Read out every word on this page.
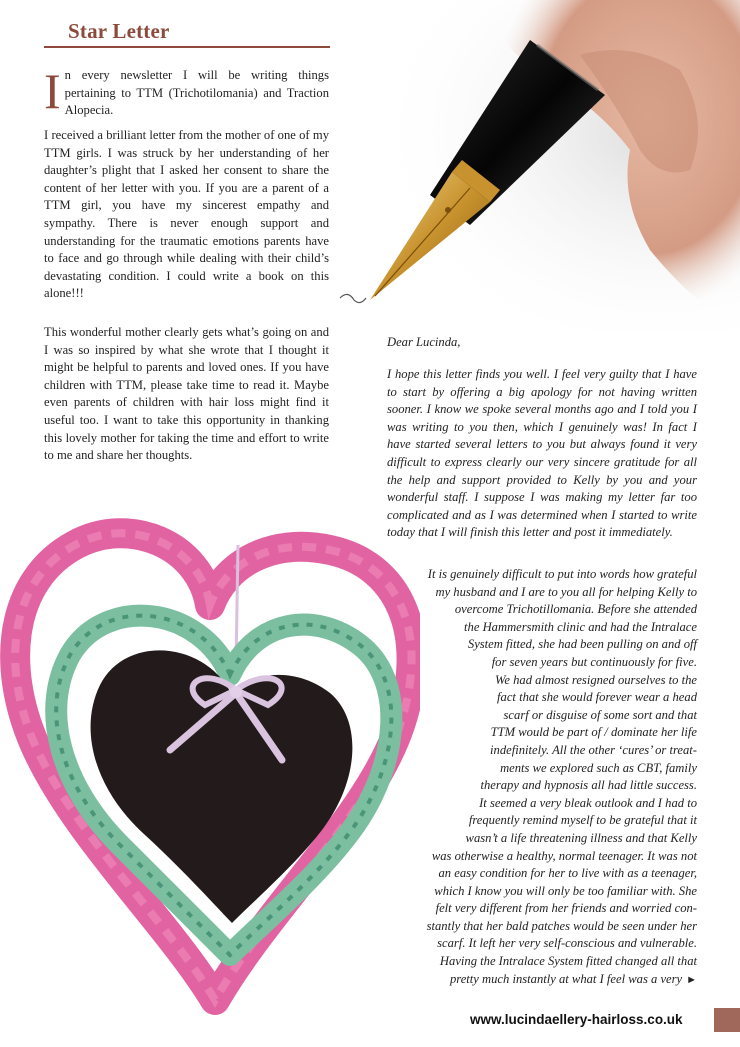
Star Letter
In every newsletter I will be writing things pertaining to TTM (Trichotilomania) and Traction Alopecia.
I received a brilliant letter from the mother of one of my TTM girls. I was struck by her understanding of her daughter’s plight that I asked her consent to share the content of her letter with you. If you are a parent of a TTM girl, you have my sincerest empathy and sympathy. There is never enough support and understanding for the traumatic emotions parents have to face and go through while dealing with their child’s devastating condition. I could write a book on this alone!!!
This wonderful mother clearly gets what’s going on and I was so inspired by what she wrote that I thought it might be helpful to parents and loved ones. If you have children with TTM, please take time to read it. Maybe even parents of children with hair loss might find it useful too. I want to take this opportunity in thanking this lovely mother for taking the time and effort to write to me and share her thoughts.
Dear Lucinda,
I hope this letter finds you well. I feel very guilty that I have to start by offering a big apology for not having written sooner. I know we spoke several months ago and I told you I was writing to you then, which I genuinely was! In fact I have started several letters to you but always found it very difficult to express clearly our very sincere gratitude for all the help and support provided to Kelly by you and your wonderful staff. I suppose I was making my letter far too complicated and as I was determined when I started to write today that I will finish this letter and post it immediately.
It is genuinely difficult to put into words how grateful
my husband and I are to you all for helping Kelly to
overcome Trichotillomania. Before she attended
the Hammersmith clinic and had the Intralace
System fitted, she had been pulling on and off
for seven years but continuously for five.
We had almost resigned ourselves to the
fact that she would forever wear a head
scarf or disguise of some sort and that
TTM would be part of / dominate her life
indefinitely. All the other ‘cures’ or treat-
ments we explored such as CBT, family
therapy and hypnosis all had little success.
It seemed a very bleak outlook and I had to
frequently remind myself to be grateful that it
wasn’t a life threatening illness and that Kelly
was otherwise a healthy, normal teenager. It was not
an easy condition for her to live with as a teenager,
which I know you will only be too familiar with. She
felt very different from her friends and worried con-
stantly that her bald patches would be seen under her
scarf. It left her very self-conscious and vulnerable.
Having the Intralace System fitted changed all that
pretty much instantly at what I feel was a very ►
www.lucindaellery-hairloss.co.uk
